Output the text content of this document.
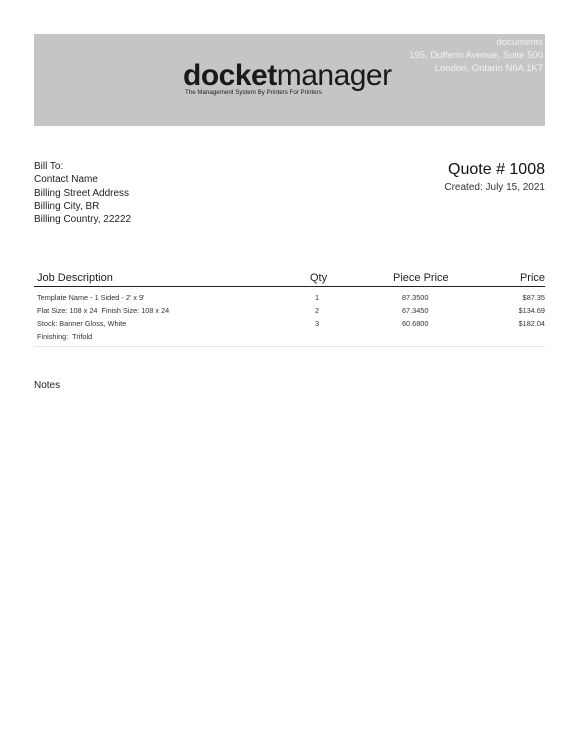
documents
195, Dufferin Avenue, Suite 500
London, Ontario N6A 1K7
docketmanager
The Management System By Printers For Printers
Bill To:
Contact Name
Billing Street Address
Billing City, BR
Billing Country, 22222
Quote # 1008
Created: July 15, 2021
Job Description	Qty	Piece Price	Price
Template Name - 1 Sided - 2' x 9'	1	87.3500	$87.35
Flat Size: 108 x 24  Finish Size: 108 x 24	2	67.3450	$134.69
Stock: Banner Gloss, White	3	60.6800	$182.04
Finishing:  Trifold
Notes
